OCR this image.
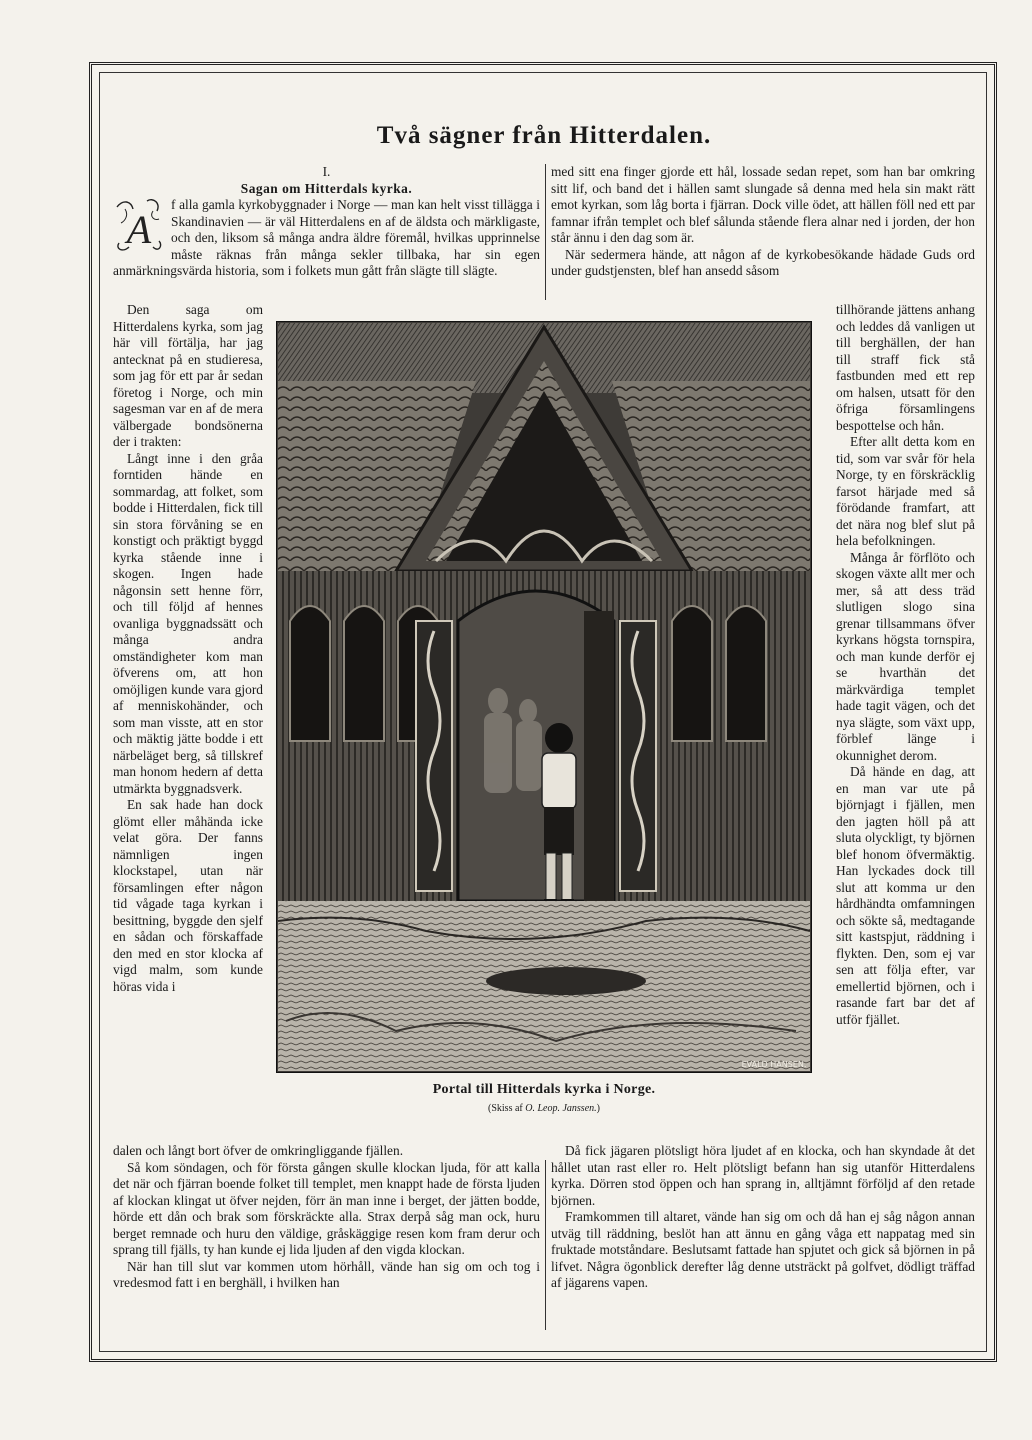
Två sägner från Hitterdalen.

I.

Sagan om Hitterdals kyrka.

A
f alla gamla kyrkobyggnader i Norge — man kan helt visst tillägga i Skandinavien — är väl Hitterdalens en af de äldsta och märkligaste, och den, liksom så många andra äldre föremål, hvilkas upprinnelse måste räknas från många sekler tillbaka, har sin egen anmärkningsvärda historia, som i folkets mun gått från slägte till slägte.

Den saga om Hitterdalens kyrka, som jag här vill förtälja, har jag antecknat på en studieresa, som jag för ett par år sedan företog i Norge, och min sagesman var en af de mera välbergade bondsönerna der i trakten:

Långt inne i den gråa forntiden hände en sommardag, att folket, som bodde i Hitterdalen, fick till sin stora förvåning se en konstigt och präktigt byggd kyrka stående inne i skogen. Ingen hade någonsin sett henne förr, och till följd af hennes ovanliga byggnadssätt och många andra omständigheter kom man öfverens om, att hon omöjligen kunde vara gjord af menniskohänder, och som man visste, att en stor och mäktig jätte bodde i ett närbeläget berg, så tillskref man honom hedern af detta utmärkta byggnadsverk.

En sak hade han dock glömt eller måhända icke velat göra. Der fanns nämnligen ingen klockstapel, utan när församlingen efter någon tid vågade taga kyrkan i besittning, byggde den sjelf en sådan och förskaffade den med en stor klocka af vigd malm, som kunde höras vida i

dalen och långt bort öfver de omkringliggande fjällen.

Så kom söndagen, och för första gången skulle klockan ljuda, för att kalla det när och fjärran boende folket till templet, men knappt hade de första ljuden af klockan klingat ut öfver nejden, förr än man inne i berget, der jätten bodde, hörde ett dån och brak som förskräckte alla. Strax derpå såg man ock, huru berget remnade och huru den väldige, gråskäggige resen kom fram derur och sprang till fjälls, ty han kunde ej lida ljuden af den vigda klockan.

När han till slut var kommen utom hörhåll, vände han sig om och tog i vredesmod fatt i en berghäll, i hvilken han

med sitt ena finger gjorde ett hål, lossade sedan repet, som han bar omkring sitt lif, och band det i hällen samt slungade så denna med hela sin makt rätt emot kyrkan, som låg borta i fjärran. Dock ville ödet, att hällen föll ned ett par famnar ifrån templet och blef sålunda stående flera alnar ned i jorden, der hon står ännu i den dag som är.

När sedermera hände, att någon af de kyrkobesökande hädade Guds ord under gudstjensten, blef han ansedd såsom

tillhörande jättens anhang och leddes då vanligen ut till berghällen, der han till straff fick stå fastbunden med ett rep om halsen, utsatt för den öfriga församlingens bespottelse och hån.

Efter allt detta kom en tid, som var svår för hela Norge, ty en förskräcklig farsot härjade med så förödande framfart, att det nära nog blef slut på hela befolkningen.

Många år förflöto och skogen växte allt mer och mer, så att dess träd slutligen slogo sina grenar tillsammans öfver kyrkans högsta tornspira, och man kunde derför ej se hvarthän det märkvärdiga templet hade tagit vägen, och det nya slägte, som växt upp, förblef länge i okunnighet derom.

Då hände en dag, att en man var ute på björnjagt i fjällen, men den jagten höll på att sluta olyckligt, ty björnen blef honom öfvermäktig. Han lyckades dock till slut att komma ur den hårdhändta omfamningen och sökte så, medtagande sitt kastspjut, räddning i flykten. Den, som ej var sen att följa efter, var emellertid björnen, och i rasande fart bar det af utför fjället.

Då fick jägaren plötsligt höra ljudet af en klocka, och han skyndade åt det hållet utan rast eller ro. Helt plötsligt befann han sig utanför Hitterdalens kyrka. Dörren stod öppen och han sprang in, alltjämnt förföljd af den retade björnen.

Framkommen till altaret, vände han sig om och då han ej såg någon annan utväg till räddning, beslöt han att ännu en gång våga ett nappatag med sin fruktade motståndare. Beslutsamt fattade han spjutet och gick så björnen in på lifvet. Några ögonblick derefter låg denne utsträckt på golfvet, dödligt träffad af jägarens vapen.

EVALD HANSEN.

Portal till Hitterdals kyrka i Norge.

(Skiss af O. Leop. Janssen.)
